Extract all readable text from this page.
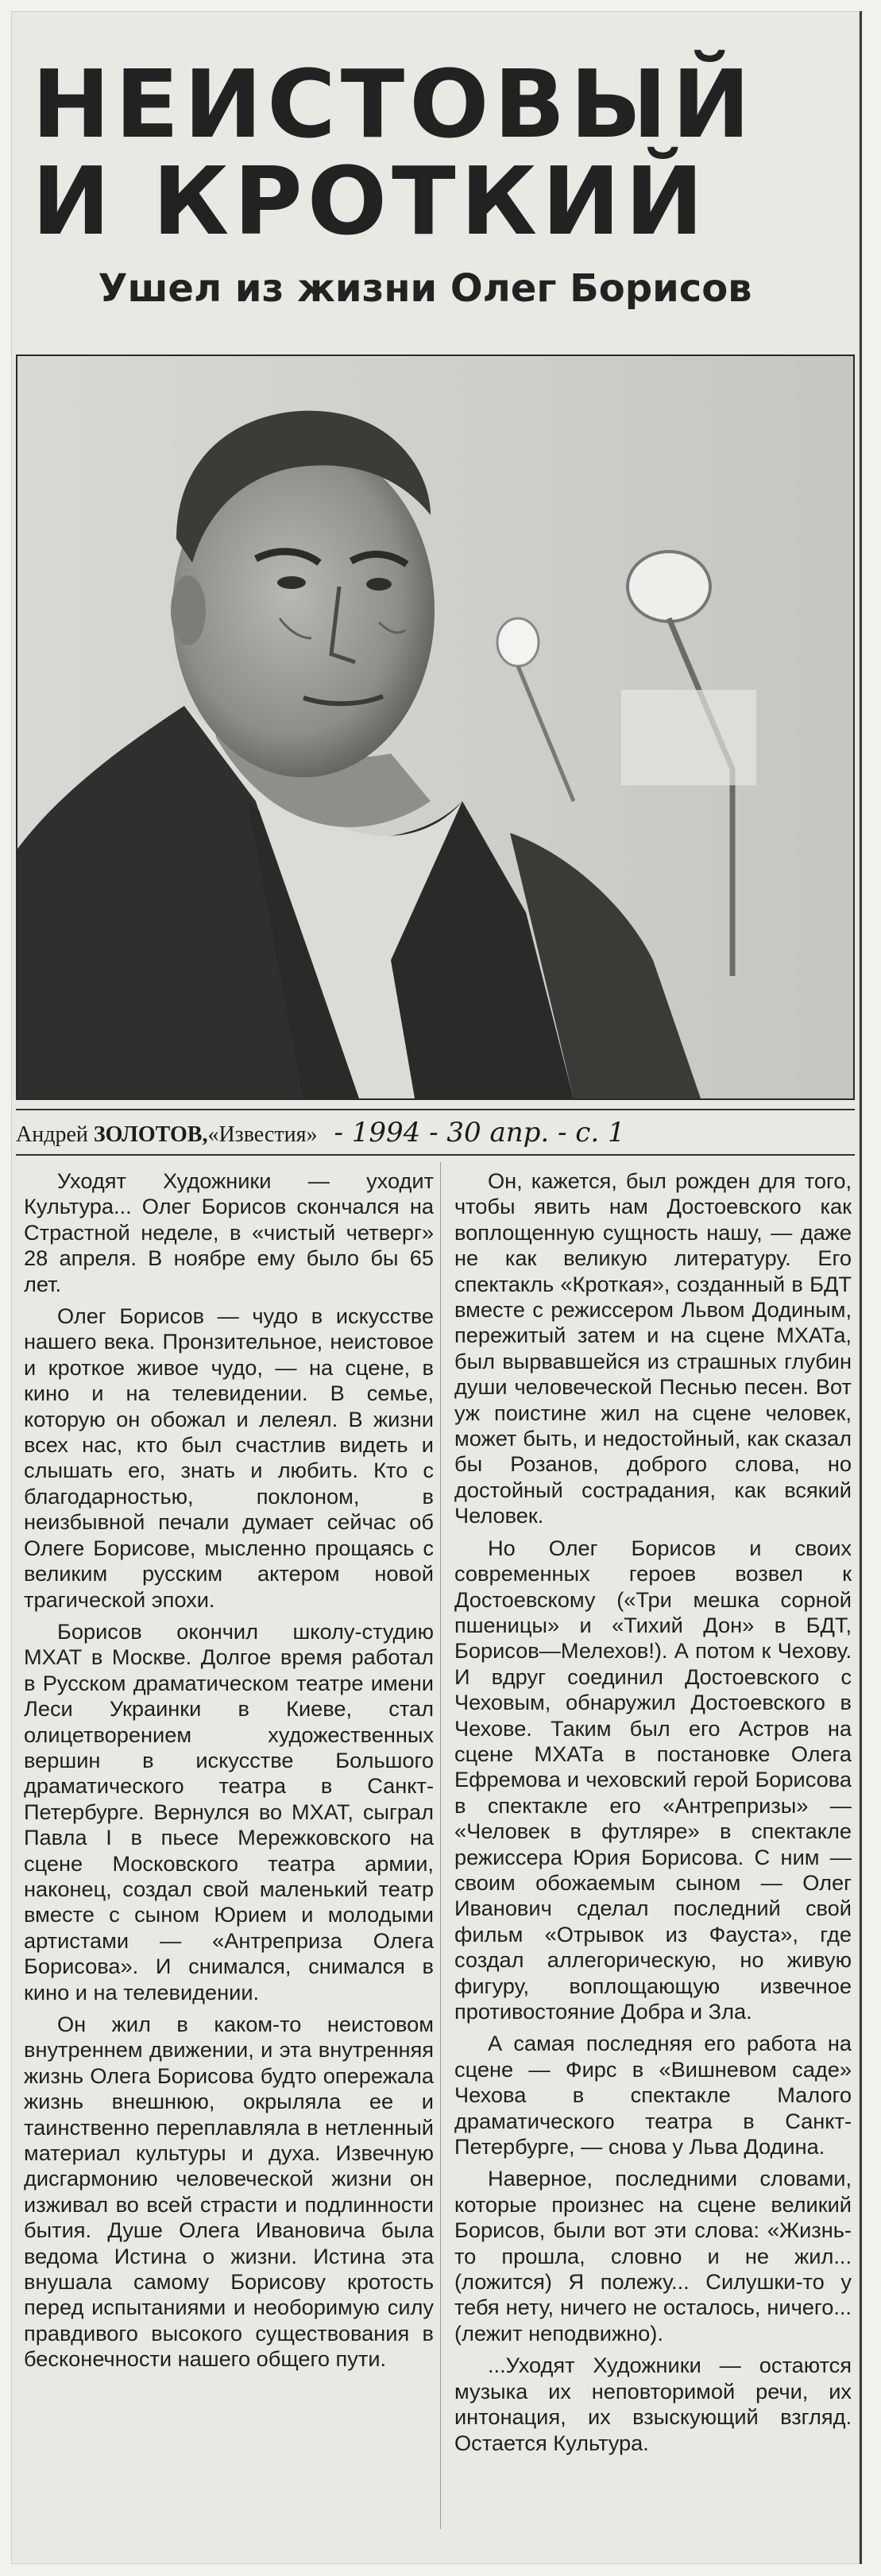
НЕИСТОВЫЙ
И КРОТКИЙ
Ушел из жизни Олег Борисов
Андрей ЗОЛОТОВ,«Известия» - 1994 - 30 апр. - с. 1

Уходят Художники — уходит Культура... Олег Борисов скончался на Страстной неделе, в «чистый четверг» 28 апреля. В ноябре ему было бы 65 лет.

Олег Борисов — чудо в искусстве нашего века. Пронзительное, неистовое и кроткое живое чудо, — на сцене, в кино и на телевидении. В семье, которую он обожал и лелеял. В жизни всех нас, кто был счастлив видеть и слышать его, знать и любить. Кто с благодарностью, поклоном, в неизбывной печали думает сейчас об Олеге Борисове, мысленно прощаясь с великим русским актером новой трагической эпохи.

Борисов окончил школу-студию МХАТ в Москве. Долгое время работал в Русском драматическом театре имени Леси Украинки в Киеве, стал олицетворением художественных вершин в искусстве Большого драматического театра в Санкт-Петербурге. Вернулся во МХАТ, сыграл Павла I в пьесе Мережковского на сцене Московского театра армии, наконец, создал свой маленький театр вместе с сыном Юрием и молодыми артистами — «Антреприза Олега Борисова». И снимался, снимался в кино и на телевидении.

Он жил в каком-то неистовом внутреннем движении, и эта внутренняя жизнь Олега Борисова будто опережала жизнь внешнюю, окрыляла ее и таинственно переплавляла в нетленный материал культуры и духа. Извечную дисгармонию человеческой жизни он изживал во всей страсти и подлинности бытия. Душе Олега Ивановича была ведома Истина о жизни. Истина эта внушала самому Борисову кротость перед испытаниями и необоримую силу правдивого высокого существования в бесконечности нашего общего пути.

Он, кажется, был рожден для того, чтобы явить нам Достоевского как воплощенную сущность нашу, — даже не как великую литературу. Его спектакль «Кроткая», созданный в БДТ вместе с режиссером Львом Додиным, пережитый затем и на сцене МХАТа, был вырвавшейся из страшных глубин души человеческой Песнью песен. Вот уж поистине жил на сцене человек, может быть, и недостойный, как сказал бы Розанов, доброго слова, но достойный сострадания, как всякий Человек.

Но Олег Борисов и своих современных героев возвел к Достоевскому («Три мешка сорной пшеницы» и «Тихий Дон» в БДТ, Борисов—Мелехов!). А потом к Чехову. И вдруг соединил Достоевского с Чеховым, обнаружил Достоевского в Чехове. Таким был его Астров на сцене МХАТа в постановке Олега Ефремова и чеховский герой Борисова в спектакле его «Антрепризы» — «Человек в футляре» в спектакле режиссера Юрия Борисова. С ним — своим обожаемым сыном — Олег Иванович сделал последний свой фильм «Отрывок из Фауста», где создал аллегорическую, но живую фигуру, воплощающую извечное противостояние Добра и Зла.

А самая последняя его работа на сцене — Фирс в «Вишневом саде» Чехова в спектакле Малого драматического театра в Санкт-Петербурге, — снова у Льва Додина.

Наверное, последними словами, которые произнес на сцене великий Борисов, были вот эти слова: «Жизнь-то прошла, словно и не жил... (ложится) Я полежу... Силушки-то у тебя нету, ничего не осталось, ничего... (лежит неподвижно).

...Уходят Художники — остаются музыка их неповторимой речи, их интонация, их взыскующий взгляд. Остается Культура.
